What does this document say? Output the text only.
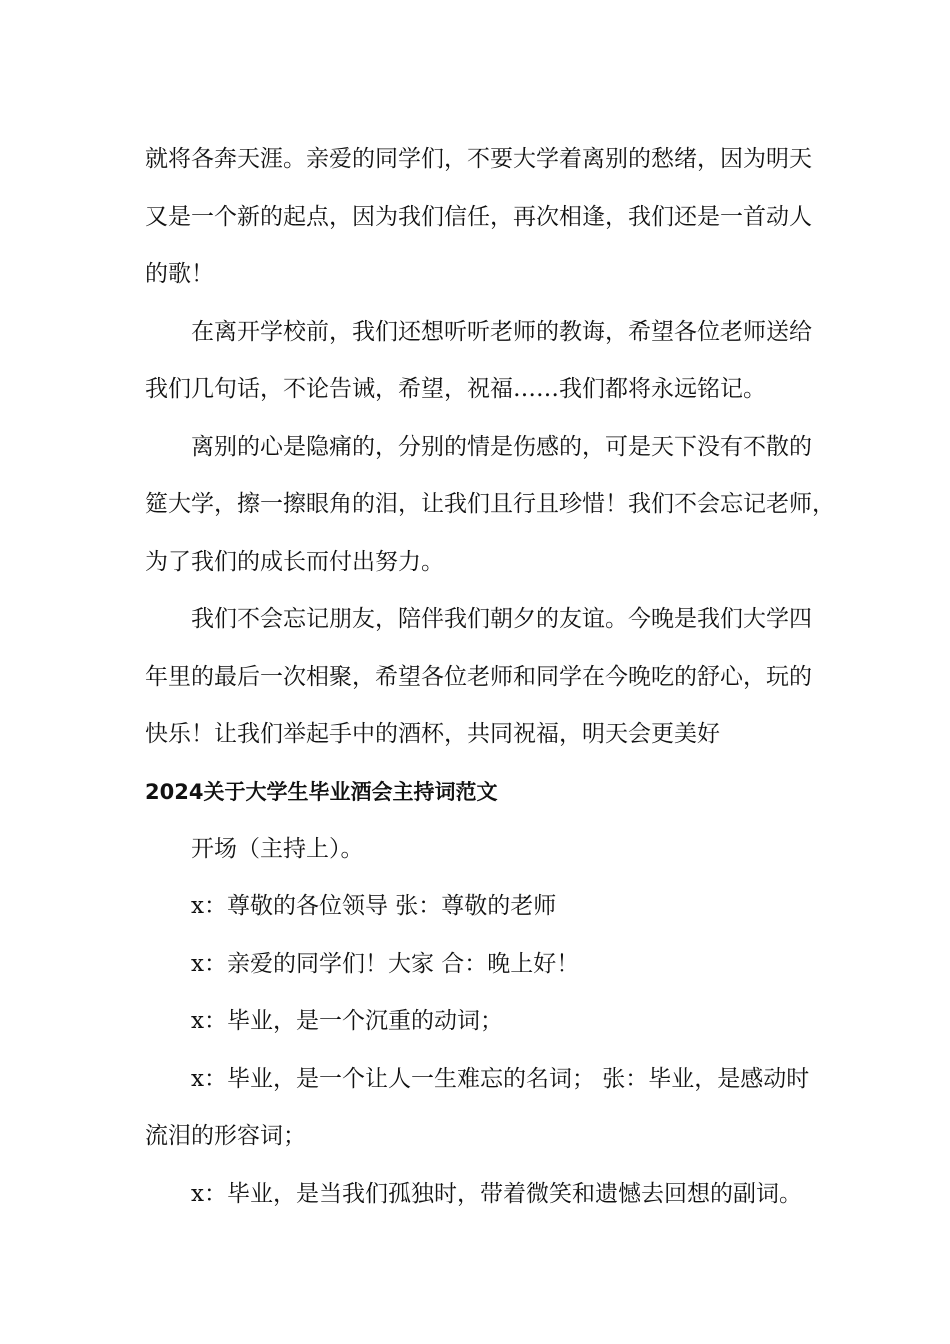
就将各奔天涯。亲爱的同学们，不要大学着离别的愁绪，因为明天
又是一个新的起点，因为我们信任，再次相逢，我们还是一首动人
的歌！
在离开学校前，我们还想听听老师的教诲，希望各位老师送给
我们几句话，不论告诫，希望，祝福……我们都将永远铭记。
离别的心是隐痛的，分别的情是伤感的，可是天下没有不散的
筵大学，擦一擦眼角的泪，让我们且行且珍惜！我们不会忘记老师，
为了我们的成长而付出努力。
我们不会忘记朋友，陪伴我们朝夕的友谊。今晚是我们大学四
年里的最后一次相聚，希望各位老师和同学在今晚吃的舒心，玩的
快乐！让我们举起手中的酒杯，共同祝福，明天会更美好
2024关于大学生毕业酒会主持词范文
开场（主持上）。
x：尊敬的各位领导 张：尊敬的老师
x：亲爱的同学们！大家 合：晚上好！
x：毕业，是一个沉重的动词；
x：毕业，是一个让人一生难忘的名词； 张：毕业，是感动时
流泪的形容词；
x：毕业，是当我们孤独时，带着微笑和遗憾去回想的副词。
